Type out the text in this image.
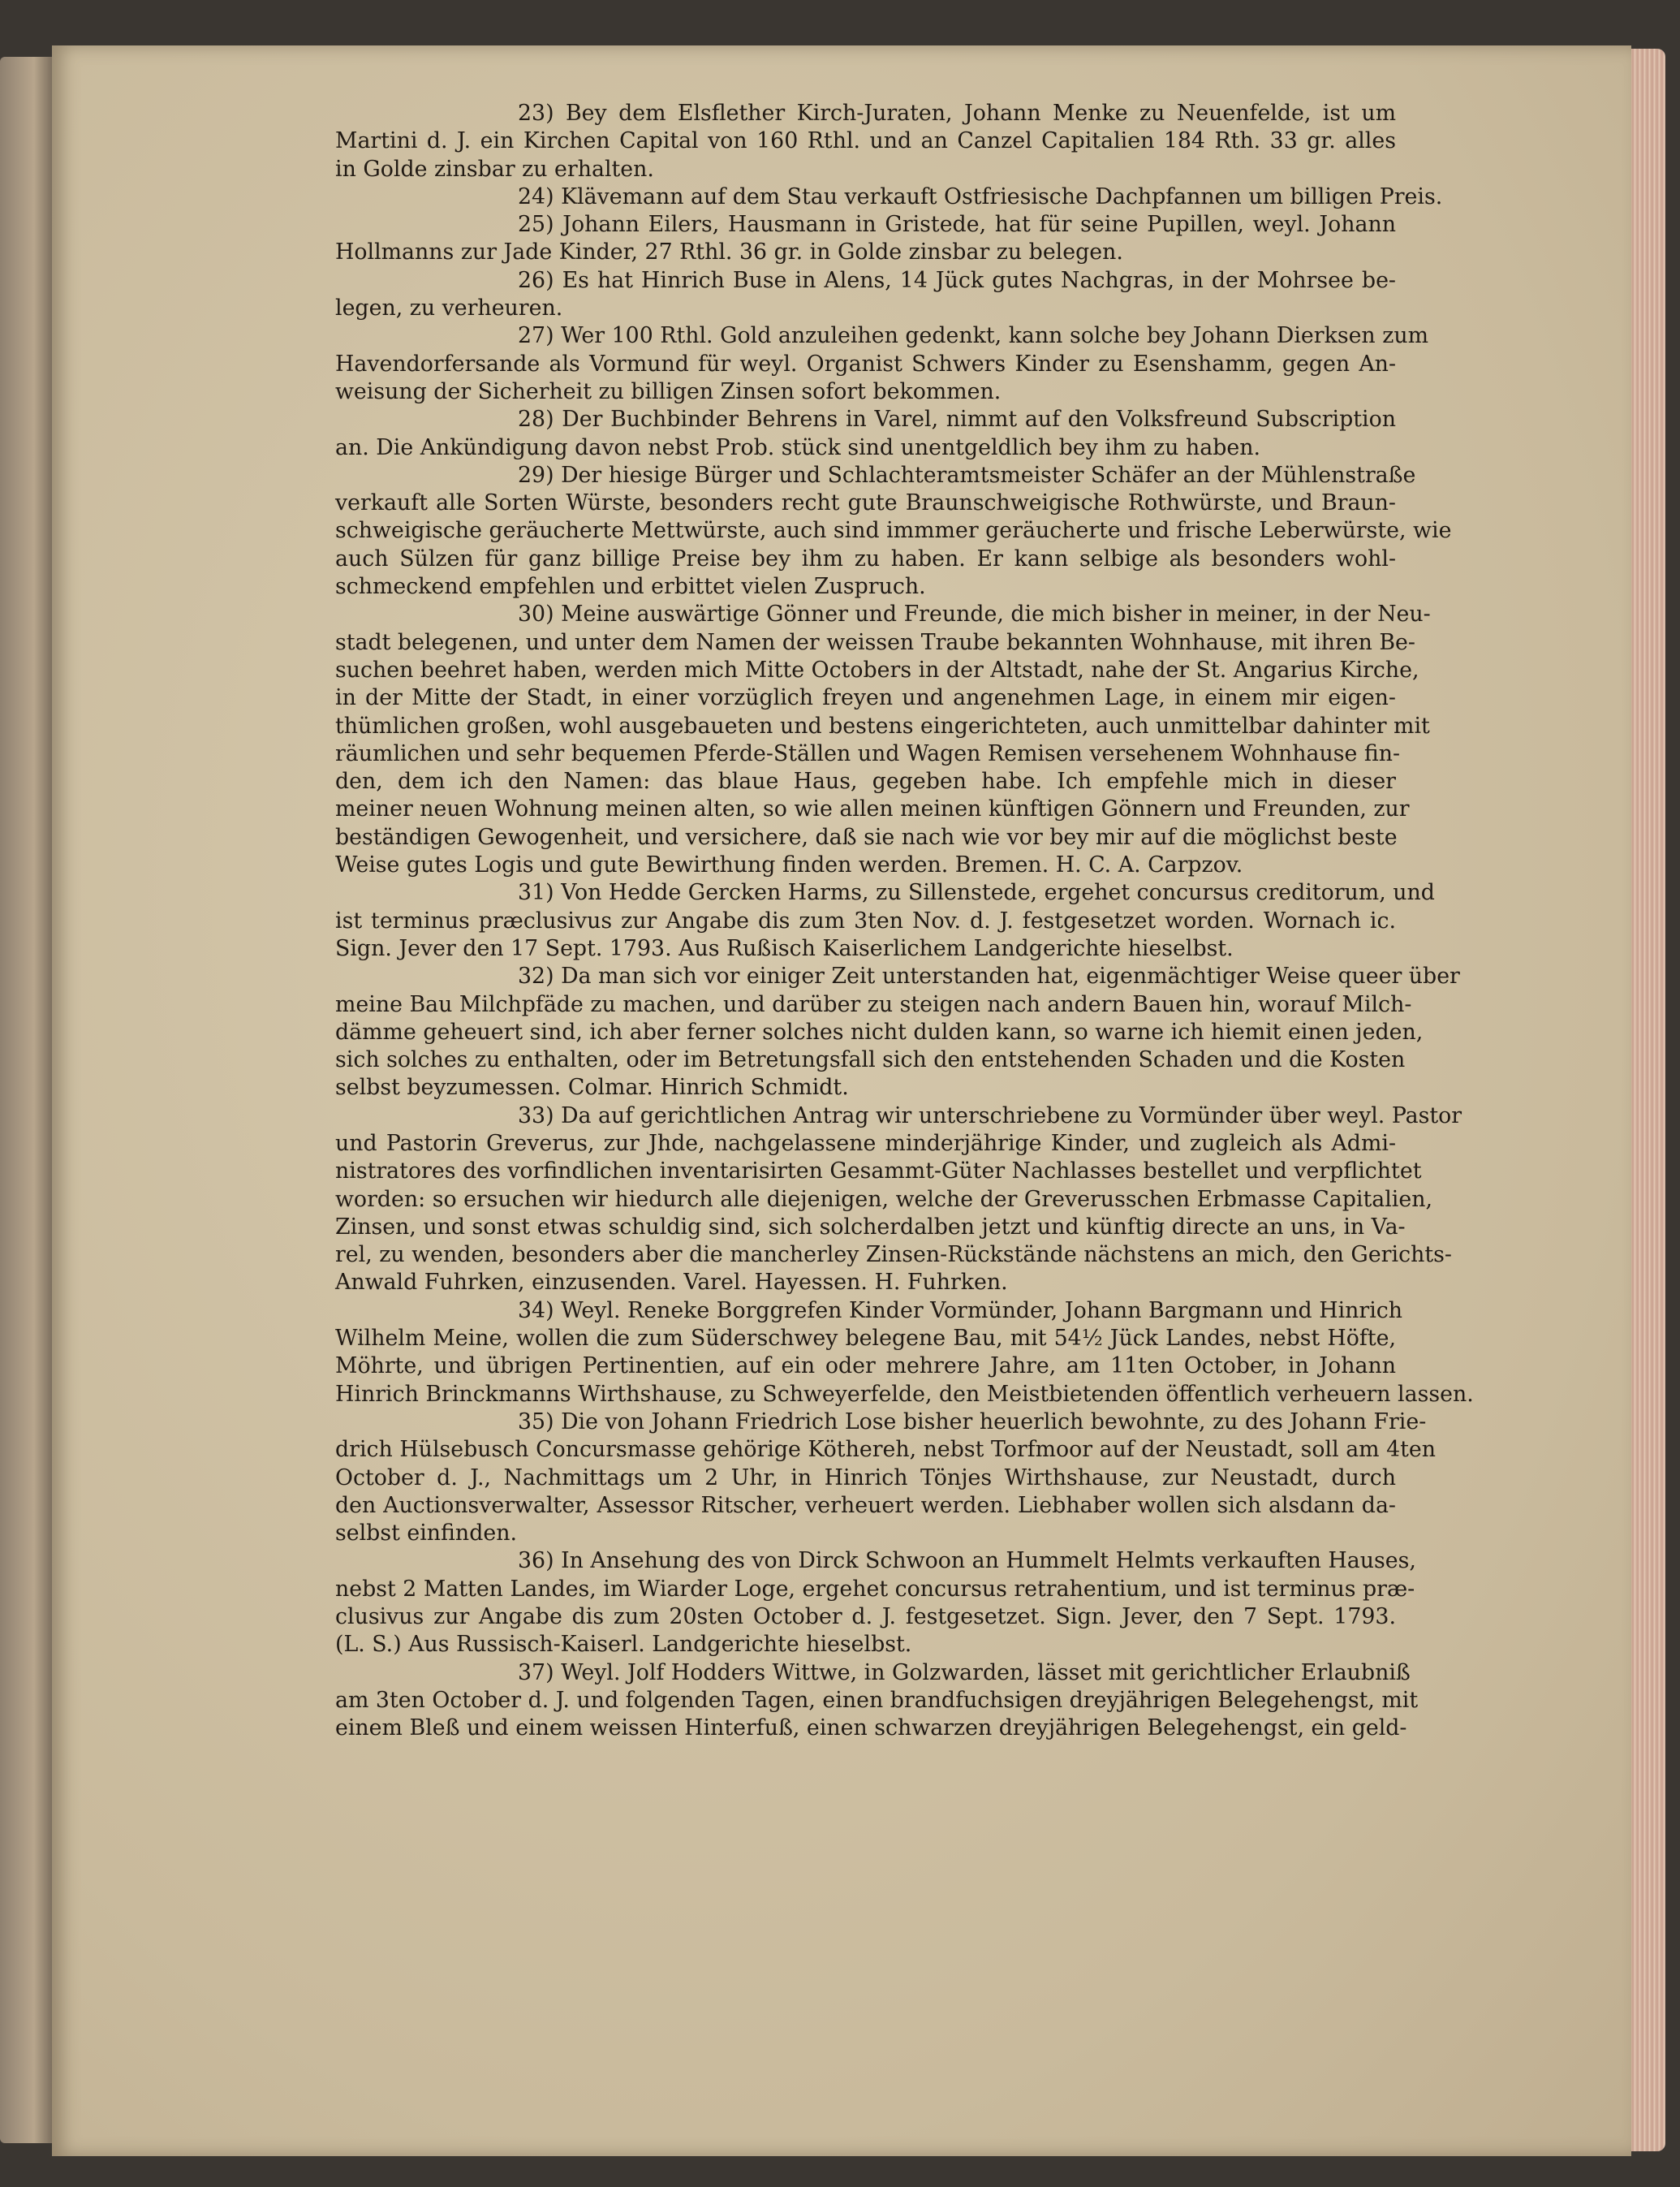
23) Bey dem Elsflether Kirch-Juraten, Johann Menke zu Neuenfelde, ist um
Martini d. J. ein Kirchen Capital von 160 Rthl. und an Canzel Capitalien 184 Rth. 33 gr. alles
in Golde zinsbar zu erhalten.
24) Klävemann auf dem Stau verkauft Ostfriesische Dachpfannen um billigen Preis.
25) Johann Eilers, Hausmann in Gristede, hat für seine Pupillen, weyl. Johann
Hollmanns zur Jade Kinder, 27 Rthl. 36 gr. in Golde zinsbar zu belegen.
26) Es hat Hinrich Buse in Alens, 14 Jück gutes Nachgras, in der Mohrsee be-
legen, zu verheuren.
27) Wer 100 Rthl. Gold anzuleihen gedenkt, kann solche bey Johann Dierksen zum
Havendorfersande als Vormund für weyl. Organist Schwers Kinder zu Esenshamm, gegen An-
weisung der Sicherheit zu billigen Zinsen sofort bekommen.
28) Der Buchbinder Behrens in Varel, nimmt auf den Volksfreund Subscription
an. Die Ankündigung davon nebst Prob. stück sind unentgeldlich bey ihm zu haben.
29) Der hiesige Bürger und Schlachteramtsmeister Schäfer an der Mühlenstraße
verkauft alle Sorten Würste, besonders recht gute Braunschweigische Rothwürste, und Braun-
schweigische geräucherte Mettwürste, auch sind immmer geräucherte und frische Leberwürste, wie
auch Sülzen für ganz billige Preise bey ihm zu haben. Er kann selbige als besonders wohl-
schmeckend empfehlen und erbittet vielen Zuspruch.
30) Meine auswärtige Gönner und Freunde, die mich bisher in meiner, in der Neu-
stadt belegenen, und unter dem Namen der weissen Traube bekannten Wohnhause, mit ihren Be-
suchen beehret haben, werden mich Mitte Octobers in der Altstadt, nahe der St. Angarius Kirche,
in der Mitte der Stadt, in einer vorzüglich freyen und angenehmen Lage, in einem mir eigen-
thümlichen großen, wohl ausgebaueten und bestens eingerichteten, auch unmittelbar dahinter mit
räumlichen und sehr bequemen Pferde-Ställen und Wagen Remisen versehenem Wohnhause fin-
den, dem ich den Namen: das blaue Haus, gegeben habe. Ich empfehle mich in dieser
meiner neuen Wohnung meinen alten, so wie allen meinen künftigen Gönnern und Freunden, zur
beständigen Gewogenheit, und versichere, daß sie nach wie vor bey mir auf die möglichst beste
Weise gutes Logis und gute Bewirthung finden werden. Bremen. H. C. A. Carpzov.
31) Von Hedde Gercken Harms, zu Sillenstede, ergehet concursus creditorum, und
ist terminus præclusivus zur Angabe dis zum 3ten Nov. d. J. festgesetzet worden. Wornach ic.
Sign. Jever den 17 Sept. 1793. Aus Rußisch Kaiserlichem Landgerichte hieselbst.
32) Da man sich vor einiger Zeit unterstanden hat, eigenmächtiger Weise queer über
meine Bau Milchpfäde zu machen, und darüber zu steigen nach andern Bauen hin, worauf Milch-
dämme geheuert sind, ich aber ferner solches nicht dulden kann, so warne ich hiemit einen jeden,
sich solches zu enthalten, oder im Betretungsfall sich den entstehenden Schaden und die Kosten
selbst beyzumessen. Colmar. Hinrich Schmidt.
33) Da auf gerichtlichen Antrag wir unterschriebene zu Vormünder über weyl. Pastor
und Pastorin Greverus, zur Jhde, nachgelassene minderjährige Kinder, und zugleich als Admi-
nistratores des vorfindlichen inventarisirten Gesammt-Güter Nachlasses bestellet und verpflichtet
worden: so ersuchen wir hiedurch alle diejenigen, welche der Greverusschen Erbmasse Capitalien,
Zinsen, und sonst etwas schuldig sind, sich solcherdalben jetzt und künftig directe an uns, in Va-
rel, zu wenden, besonders aber die mancherley Zinsen-Rückstände nächstens an mich, den Gerichts-
Anwald Fuhrken, einzusenden. Varel. Hayessen. H. Fuhrken.
34) Weyl. Reneke Borggrefen Kinder Vormünder, Johann Bargmann und Hinrich
Wilhelm Meine, wollen die zum Süderschwey belegene Bau, mit 54½ Jück Landes, nebst Höfte,
Möhrte, und übrigen Pertinentien, auf ein oder mehrere Jahre, am 11ten October, in Johann
Hinrich Brinckmanns Wirthshause, zu Schweyerfelde, den Meistbietenden öffentlich verheuern lassen.
35) Die von Johann Friedrich Lose bisher heuerlich bewohnte, zu des Johann Frie-
drich Hülsebusch Concursmasse gehörige Köthereh, nebst Torfmoor auf der Neustadt, soll am 4ten
October d. J., Nachmittags um 2 Uhr, in Hinrich Tönjes Wirthshause, zur Neustadt, durch
den Auctionsverwalter, Assessor Ritscher, verheuert werden. Liebhaber wollen sich alsdann da-
selbst einfinden.
36) In Ansehung des von Dirck Schwoon an Hummelt Helmts verkauften Hauses,
nebst 2 Matten Landes, im Wiarder Loge, ergehet concursus retrahentium, und ist terminus præ-
clusivus zur Angabe dis zum 20sten October d. J. festgesetzet. Sign. Jever, den 7 Sept. 1793.
(L. S.) Aus Russisch-Kaiserl. Landgerichte hieselbst.
37) Weyl. Jolf Hodders Wittwe, in Golzwarden, lässet mit gerichtlicher Erlaubniß
am 3ten October d. J. und folgenden Tagen, einen brandfuchsigen dreyjährigen Belegehengst, mit
einem Bleß und einem weissen Hinterfuß, einen schwarzen dreyjährigen Belegehengst, ein geld-
